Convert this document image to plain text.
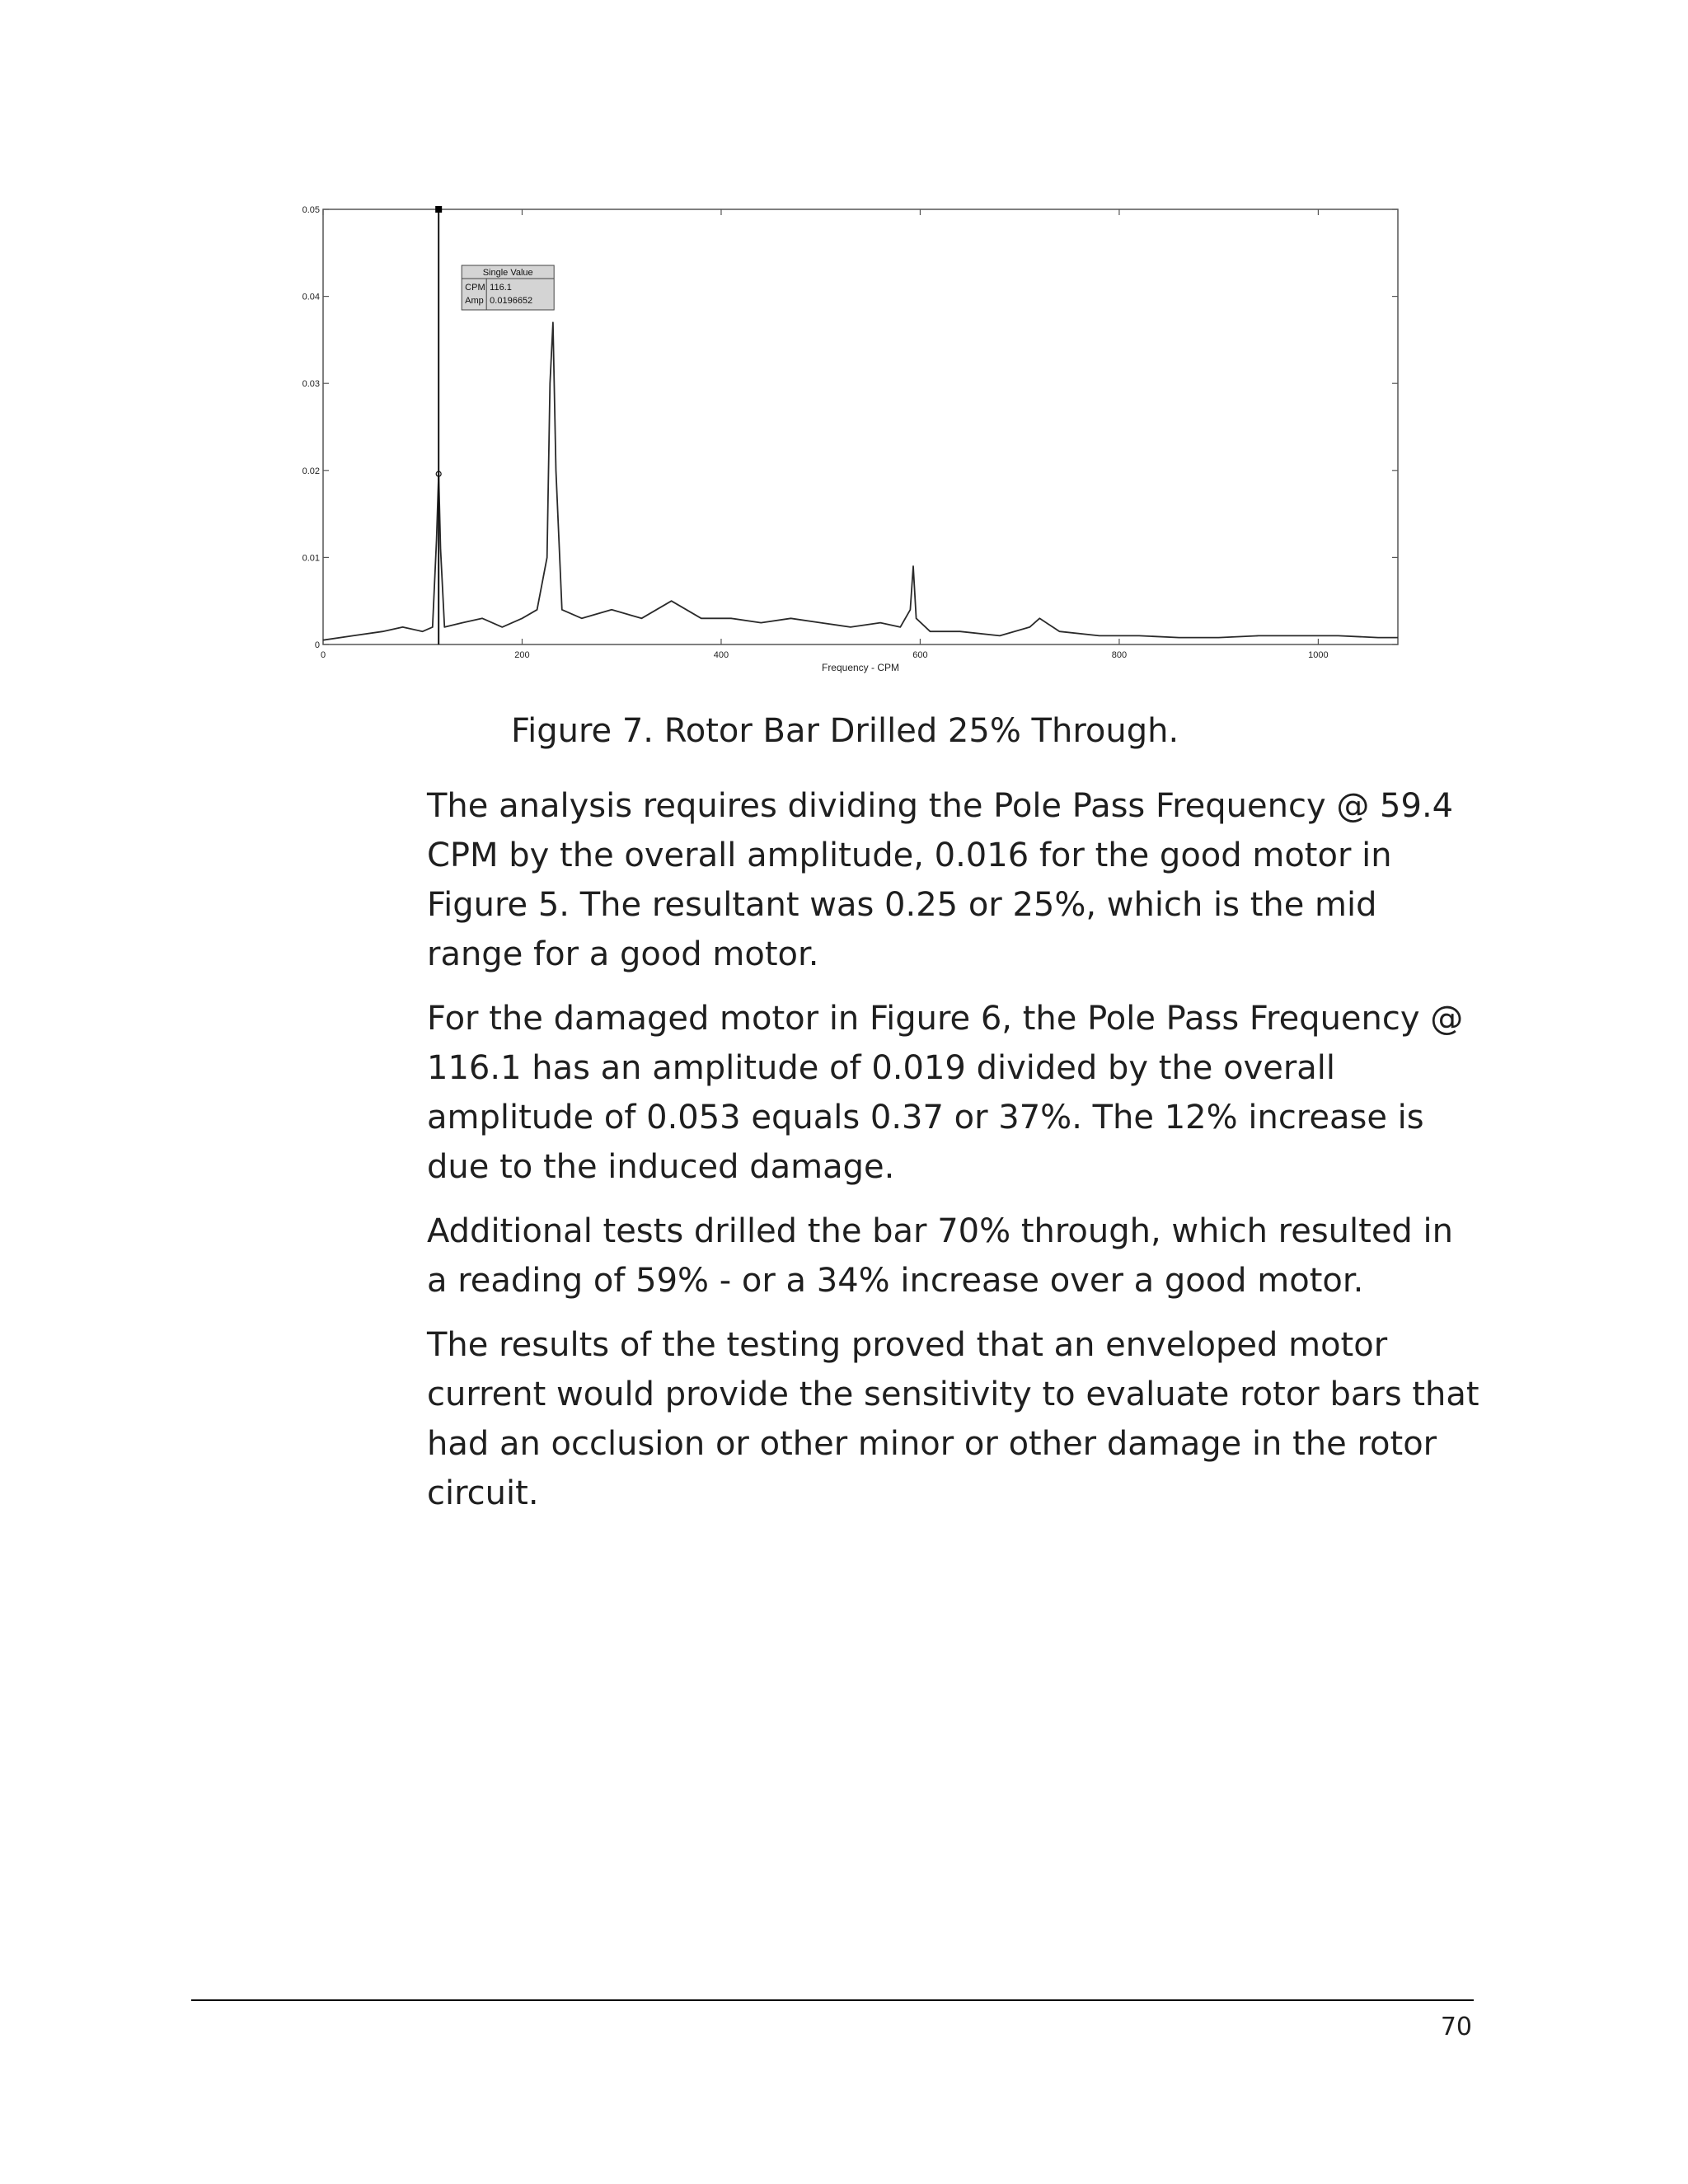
0	200	400	600	800	1000
0
0.01
0.02
0.03
0.04
0.05
Frequency - CPM
Single Value
CPM 116.1
Amp 0.0196652
Figure 7. Rotor Bar Drilled 25% Through.

The analysis requires dividing the Pole Pass Frequency @ 59.4 CPM by the overall amplitude, 0.016 for the good motor in Figure 5. The resultant was 0.25 or 25%, which is the mid range for a good motor.

For the damaged motor in Figure 6, the Pole Pass Frequency @ 116.1 has an amplitude of 0.019 divided by the overall amplitude of 0.053 equals 0.37 or 37%. The 12% increase is due to the induced damage.

Additional tests drilled the bar 70% through, which resulted in a reading of 59% - or a 34% increase over a good motor.

The results of the testing proved that an enveloped motor current would provide the sensitivity to evaluate rotor bars that had an occlusion or other minor or other damage in the rotor circuit.

70
